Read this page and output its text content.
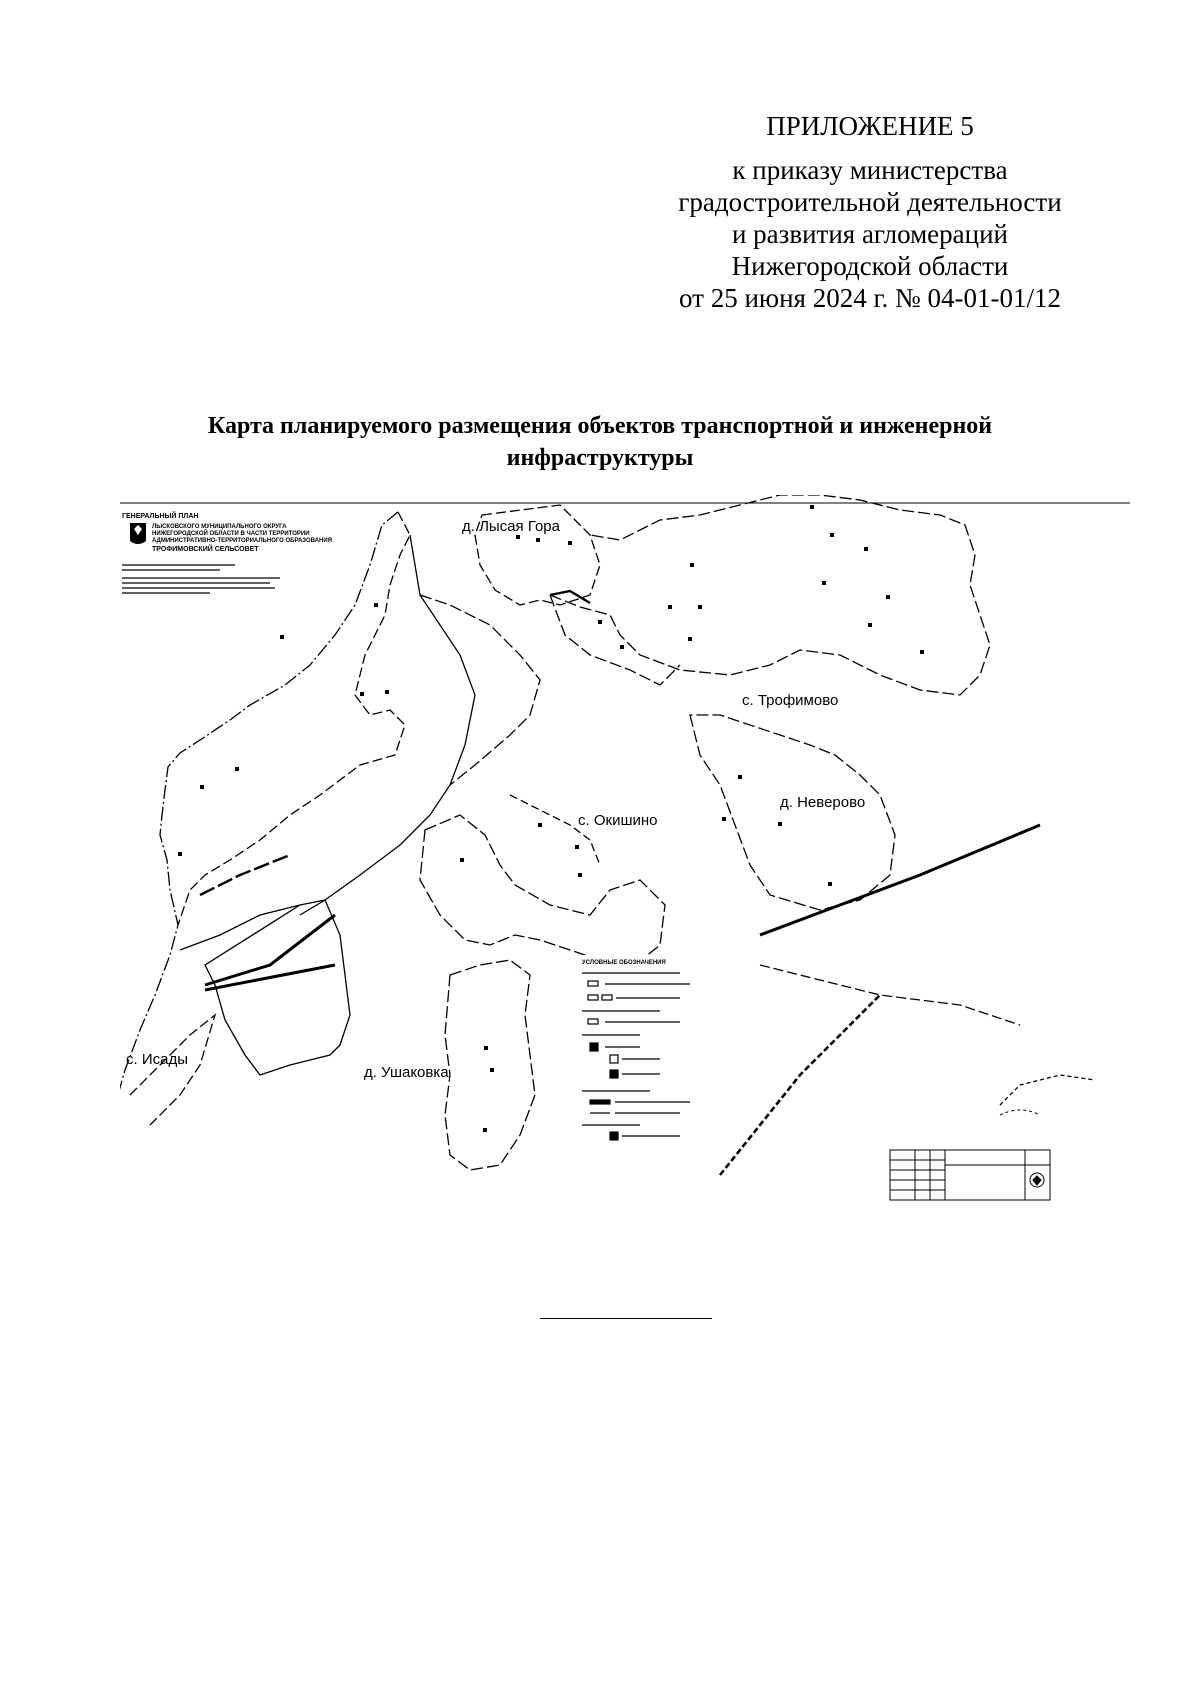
ПРИЛОЖЕНИЕ 5
к приказу министерства
градостроительной деятельности
и развития агломераций
Нижегородской области
от 25 июня 2024 г. № 04-01-01/12
Карта планируемого размещения объектов транспортной и инженерной
инфраструктуры
ГЕНЕРАЛЬНЫЙ ПЛАН
ЛЫСКОВСКОГО МУНИЦИПАЛЬНОГО ОКРУГА
НИЖЕГОРОДСКОЙ ОБЛАСТИ В ЧАСТИ ТЕРРИТОРИИ
АДМИНИСТРАТИВНО-ТЕРРИТОРИАЛЬНОГО ОБРАЗОВАНИЯ
ТРОФИМОВСКИЙ СЕЛЬСОВЕТ
д. Лысая Гора
с. Трофимово
д. Неверово
с. Окишино
с. Исады
д. Ушаковка
УСЛОВНЫЕ ОБОЗНАЧЕНИЯ
